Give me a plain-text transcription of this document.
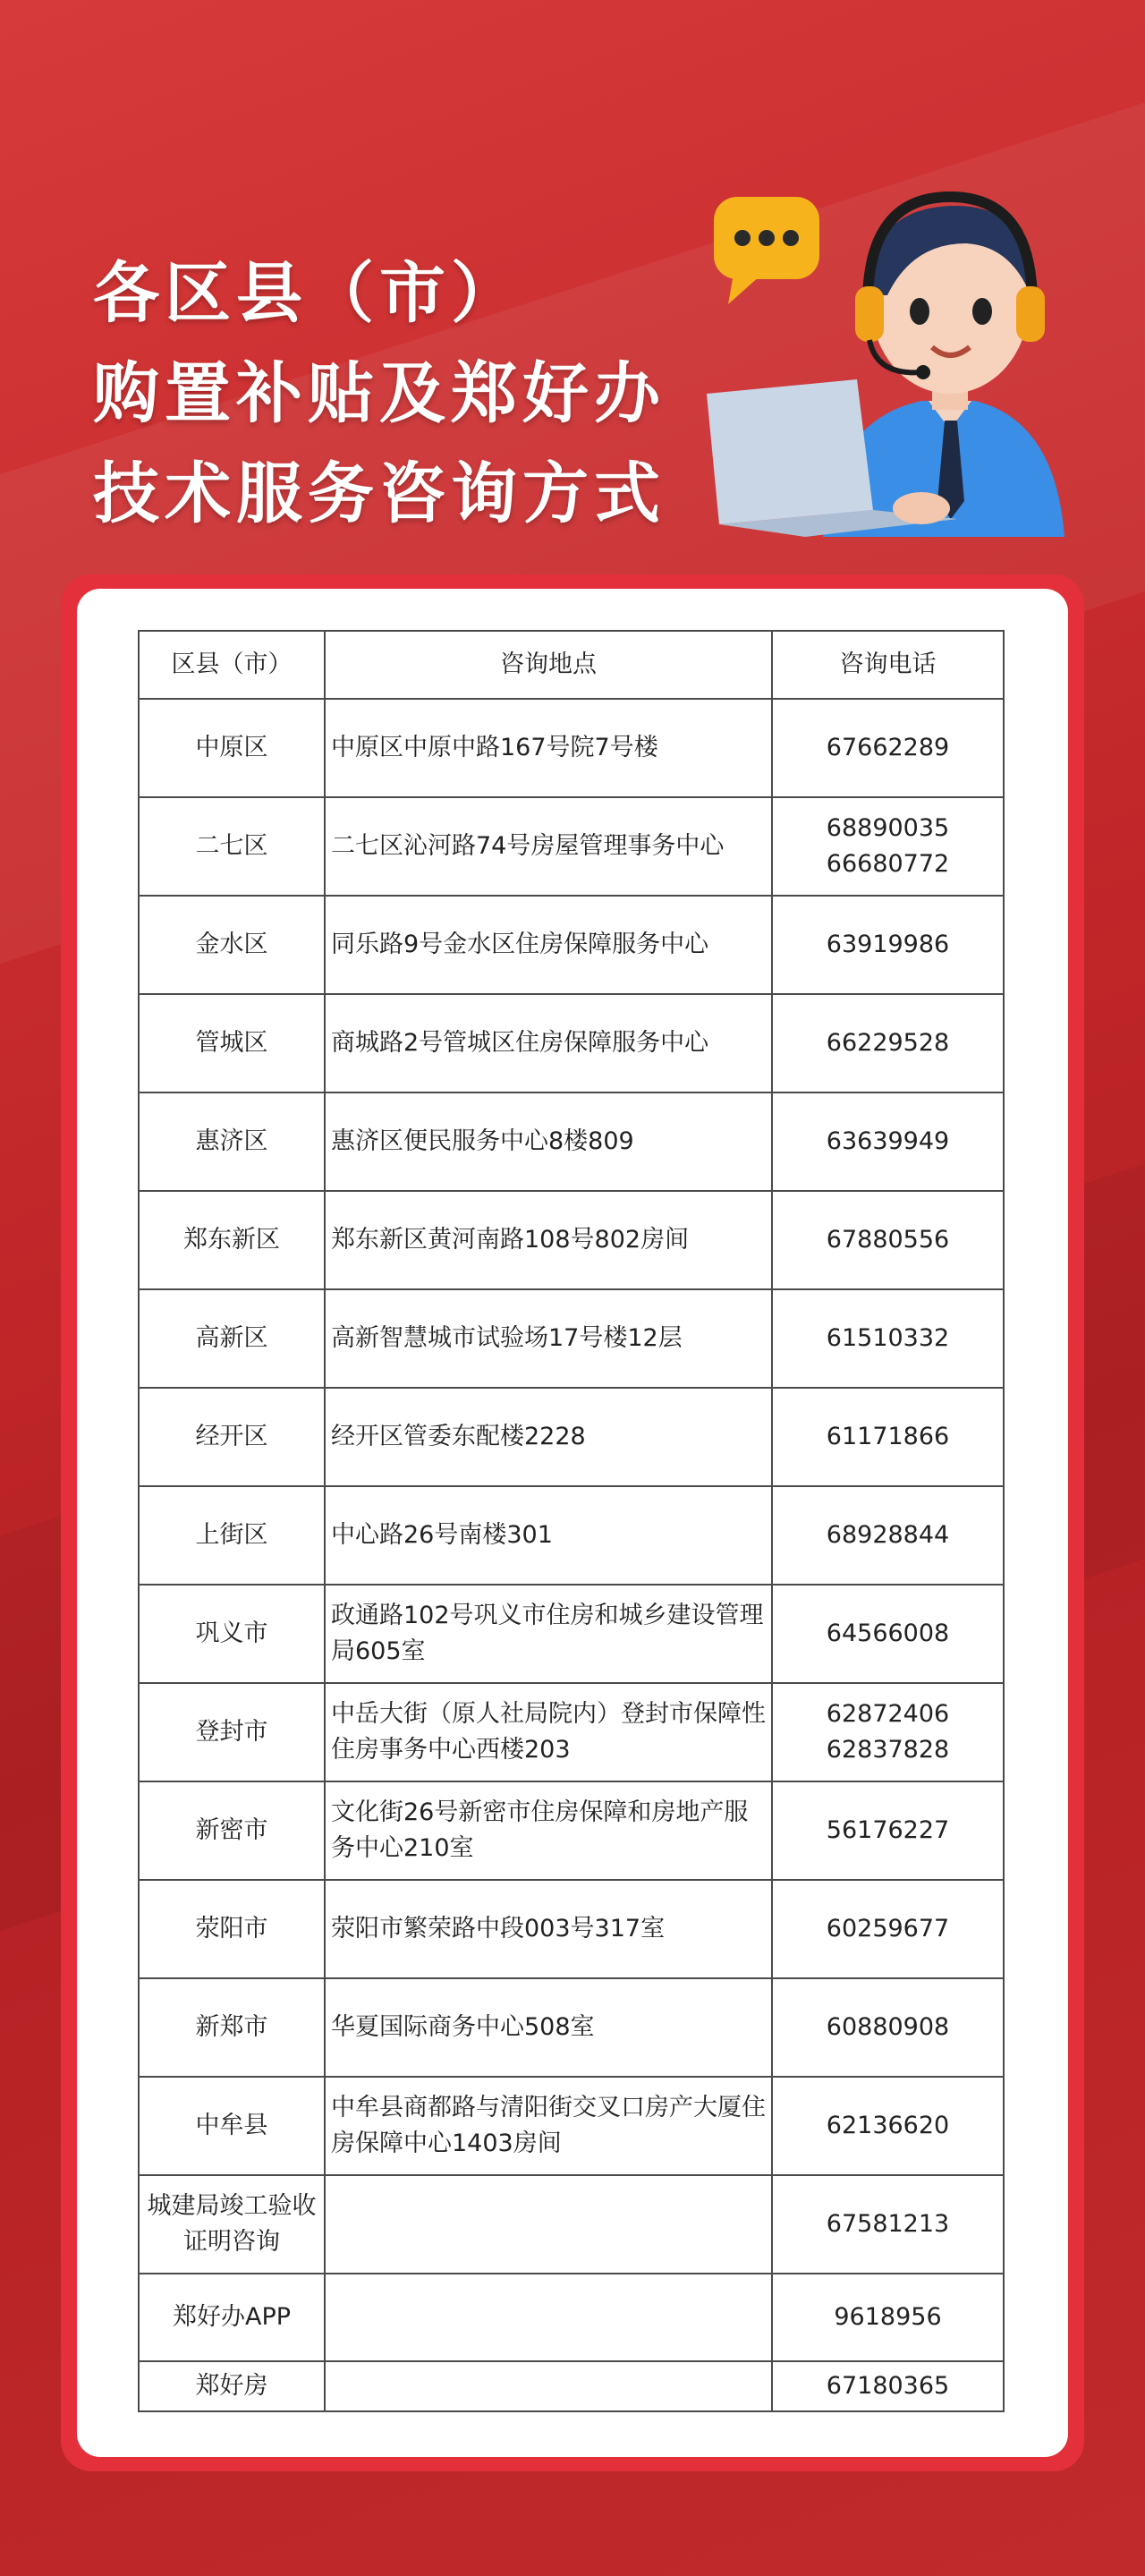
各区县（市）
购置补贴及郑好办
技术服务咨询方式
区县（市）	咨询地点	咨询电话
中原区	中原区中原中路167号院7号楼	67662289

二七区	二七区沁河路74号房屋管理事务中心	68890035
66680772

金水区	同乐路9号金水区住房保障服务中心	63919986

管城区	商城路2号管城区住房保障服务中心	66229528

惠济区	惠济区便民服务中心8楼809	63639949

郑东新区	郑东新区黄河南路108号802房间	67880556

高新区	高新智慧城市试验场17号楼12层	61510332

经开区	经开区管委东配楼2228	61171866

上街区	中心路26号南楼301	68928844

巩义市	政通路102号巩义市住房和城乡建设管理局605室	64566008

登封市	中岳大街（原人社局院内）登封市保障性住房事务中心西楼203	62872406
62837828

新密市	文化街26号新密市住房保障和房地产服务中心210室	56176227

荥阳市	荥阳市繁荣路中段003号317室	60259677

新郑市	华夏国际商务中心508室	60880908

中牟县	中牟县商都路与清阳街交叉口房产大厦住房保障中心1403房间	62136620

城建局竣工验收证明咨询		67581213

郑好办APP		9618956

郑好房		67180365
